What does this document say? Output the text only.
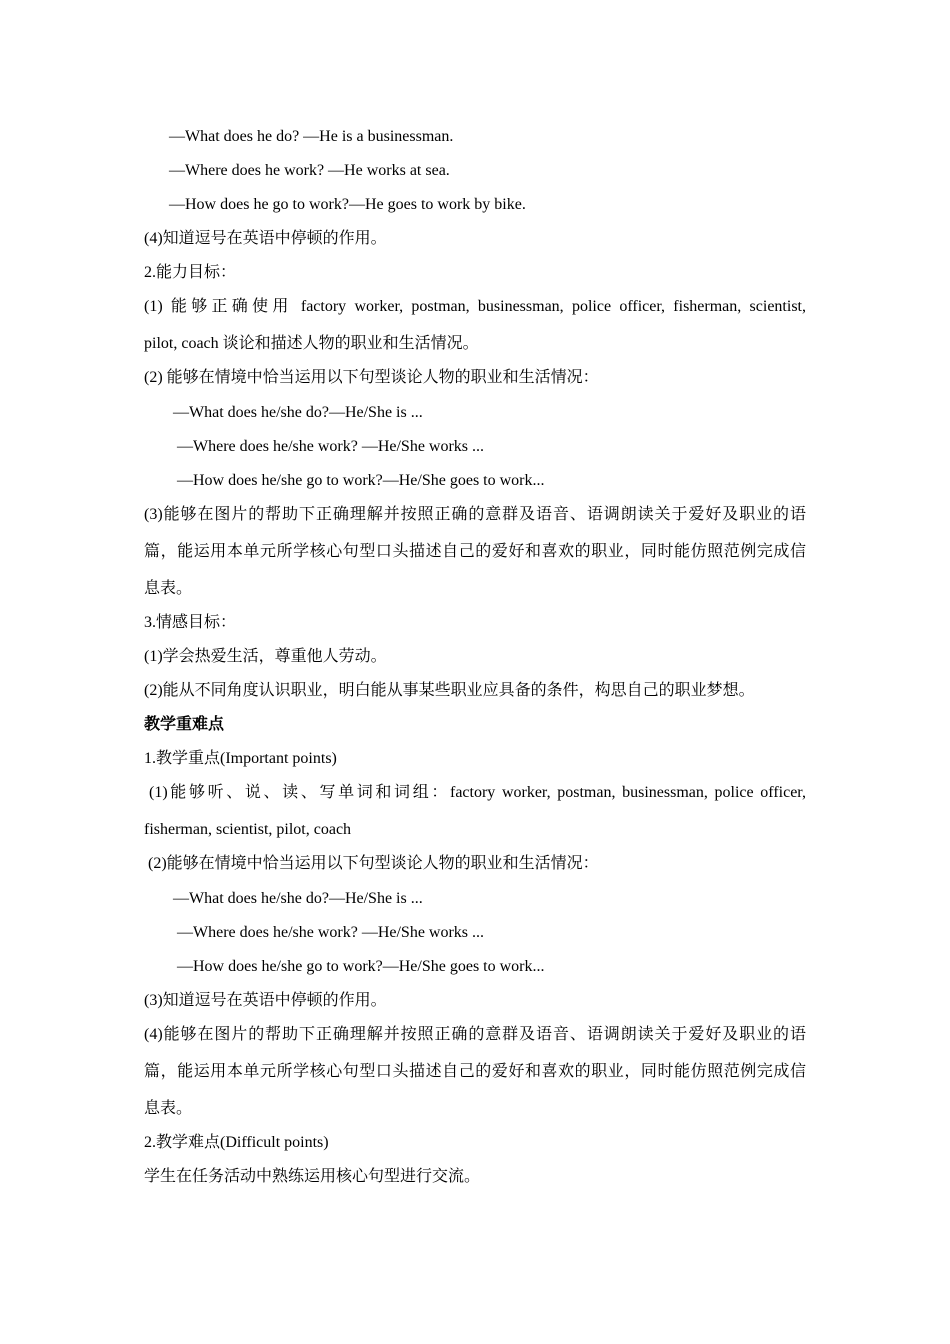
—What does he do? —He is a businessman.
—Where does he work? —He works at sea.
—How does he go to work?—He goes to work by bike.
(4)知道逗号在英语中停顿的作用。
2.能力目标：
(1) 能够正确使用 factory worker, postman, businessman, police officer, fisherman, scientist,
pilot, coach 谈论和描述人物的职业和生活情况。
(2) 能够在情境中恰当运用以下句型谈论人物的职业和生活情况：
—What does he/she do?—He/She is ...
—Where does he/she work? —He/She works ...
—How does he/she go to work?—He/She goes to work...
(3)能够在图片的帮助下正确理解并按照正确的意群及语音、语调朗读关于爱好及职业的语
篇，能运用本单元所学核心句型口头描述自己的爱好和喜欢的职业，同时能仿照范例完成信
息表。
3.情感目标：
(1)学会热爱生活，尊重他人劳动。
(2)能从不同角度认识职业，明白能从事某些职业应具备的条件，构思自己的职业梦想。
教学重难点
1.教学重点(Important points)
(1)能够听、说、读、写单词和词组：factory worker, postman, businessman, police officer,
fisherman, scientist, pilot, coach
(2)能够在情境中恰当运用以下句型谈论人物的职业和生活情况：
—What does he/she do?—He/She is ...
—Where does he/she work? —He/She works ...
—How does he/she go to work?—He/She goes to work...
(3)知道逗号在英语中停顿的作用。
(4)能够在图片的帮助下正确理解并按照正确的意群及语音、语调朗读关于爱好及职业的语
篇，能运用本单元所学核心句型口头描述自己的爱好和喜欢的职业，同时能仿照范例完成信
息表。
2.教学难点(Difficult points)
学生在任务活动中熟练运用核心句型进行交流。
